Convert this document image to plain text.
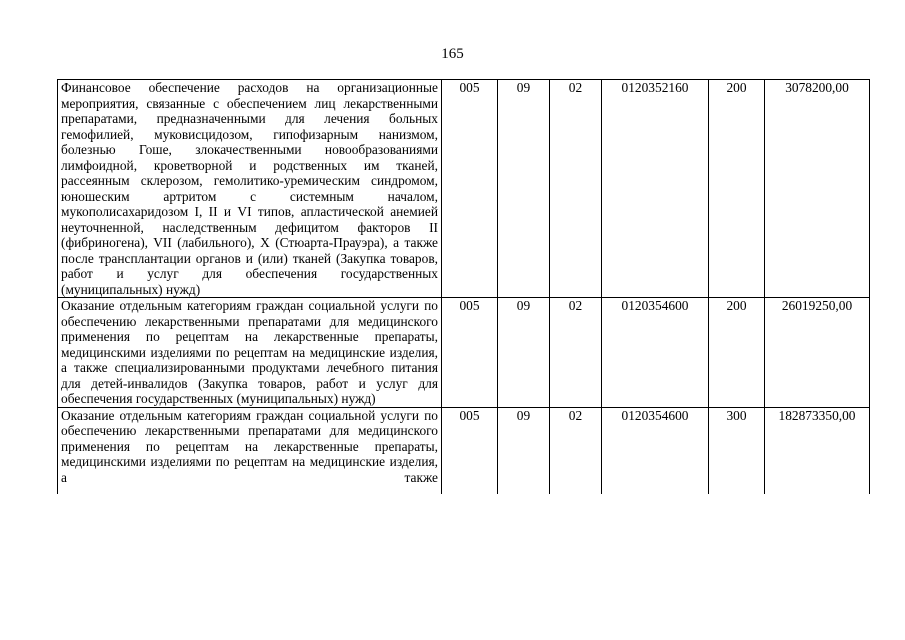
165
Финансовое обеспечение расходов на организационные мероприятия, связанные с обеспечением лиц лекарственными препаратами, предназначенными для лечения больных гемофилией, муковисцидозом, гипофизарным нанизмом, болезнью Гоше, злокачественными новообразованиями лимфоидной, кроветворной и родственных им тканей, рассеянным склерозом, гемолитико-уремическим синдромом, юношеским артритом с системным началом, мукополисахаридозом I, II и VI типов, апластической анемией неуточненной, наследственным дефицитом факторов II (фибриногена), VII (лабильного), X (Стюарта-Прауэра), а также после трансплантации органов и (или) тканей (Закупка товаров, работ и услуг для обеспечения государственных (муниципальных) нужд)	005	09	02	0120352160	200	3078200,00
Оказание отдельным категориям граждан социальной услуги по обеспечению лекарственными препаратами для медицинского применения по рецептам на лекарственные препараты, медицинскими изделиями по рецептам на медицинские изделия, а также специализированными продуктами лечебного питания для детей-инвалидов (Закупка товаров, работ и услуг для обеспечения государственных (муниципальных) нужд)	005	09	02	0120354600	200	26019250,00

Оказание отдельным категориям граждан социальной услуги по обеспечению лекарственными препаратами для медицинского применения по рецептам на лекарственные препараты, медицинскими изделиями по рецептам на медицинские изделия, а также	005	09	02	0120354600	300	182873350,00
